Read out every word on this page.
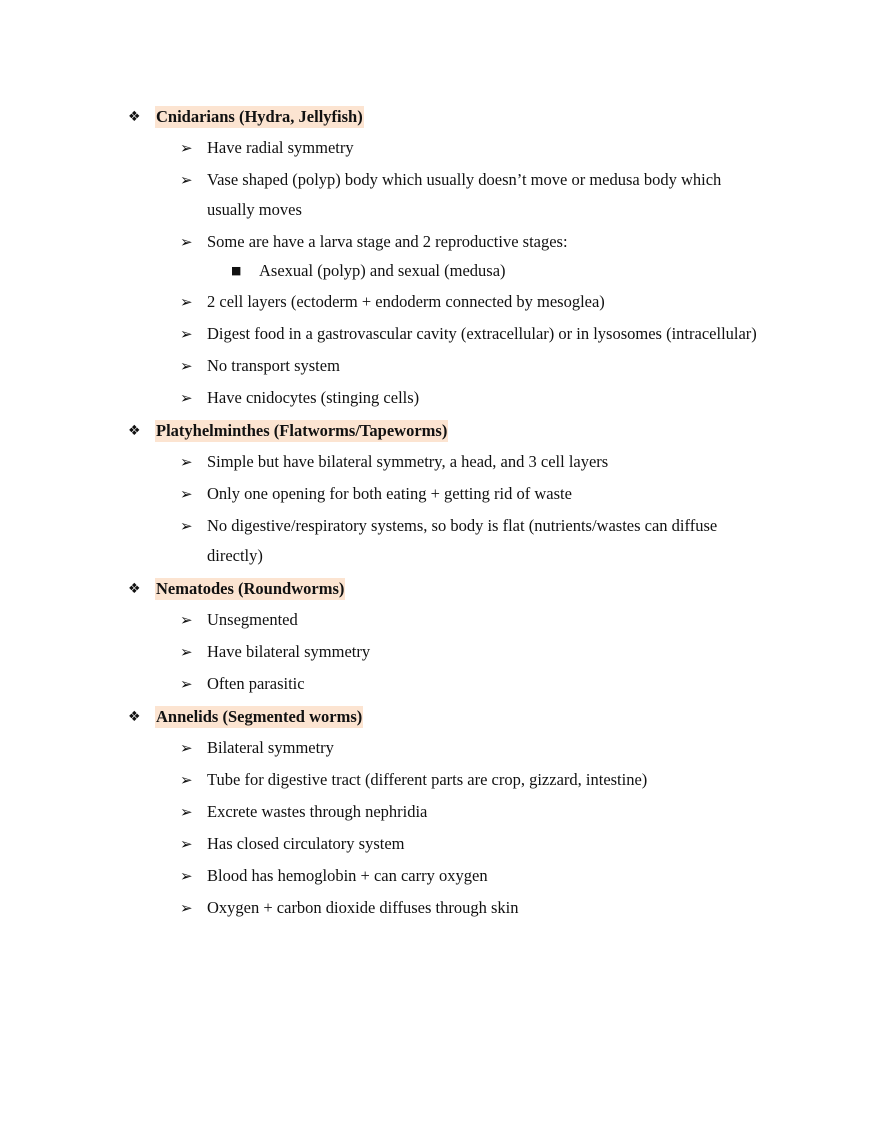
❖ Cnidarians (Hydra, Jellyfish)
➢ Have radial symmetry
➢ Vase shaped (polyp) body which usually doesn’t move or medusa body which usually moves
➢ Some are have a larva stage and 2 reproductive stages:
■ Asexual (polyp) and sexual (medusa)
➢ 2 cell layers (ectoderm + endoderm connected by mesoglea)
➢ Digest food in a gastrovascular cavity (extracellular) or in lysosomes (intracellular)
➢ No transport system
➢ Have cnidocytes (stinging cells)
❖ Platyhelminthes (Flatworms/Tapeworms)
➢ Simple but have bilateral symmetry, a head, and 3 cell layers
➢ Only one opening for both eating + getting rid of waste
➢ No digestive/respiratory systems, so body is flat (nutrients/wastes can diffuse directly)
❖ Nematodes (Roundworms)
➢ Unsegmented
➢ Have bilateral symmetry
➢ Often parasitic
❖ Annelids (Segmented worms)
➢ Bilateral symmetry
➢ Tube for digestive tract (different parts are crop, gizzard, intestine)
➢ Excrete wastes through nephridia
➢ Has closed circulatory system
➢ Blood has hemoglobin + can carry oxygen
➢ Oxygen + carbon dioxide diffuses through skin
